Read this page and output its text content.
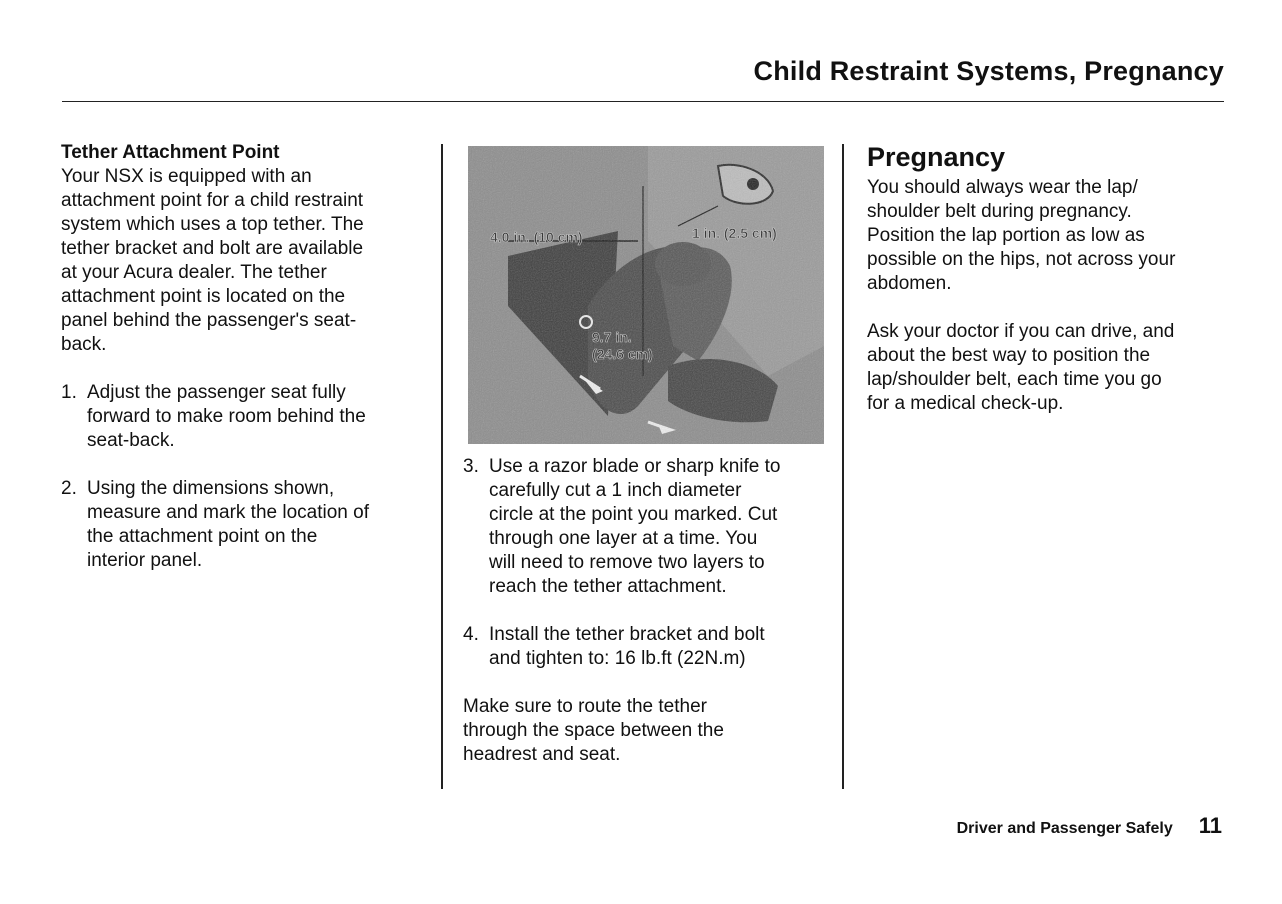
Child Restraint Systems, Pregnancy

Tether Attachment Point

Your NSX is equipped with an

attachment point for a child restraint

system which uses a top tether. The

tether bracket and bolt are available

at your Acura dealer. The tether

attachment point is located on the

panel behind the passenger's seat-

back.

1. Adjust the passenger seat fully

forward to make room behind the

seat-back.

2. Using the dimensions shown,

measure and mark the location of

the attachment point on the

interior panel.

3. Use a razor blade or sharp knife to

carefully cut a 1 inch diameter

circle at the point you marked. Cut

through one layer at a time. You

will need to remove two layers to

reach the tether attachment.

4. Install the tether bracket and bolt

and tighten to: 16 lb.ft (22N.m)

Make sure to route the tether

through the space between the

headrest and seat.

Pregnancy

You should always wear the lap/

shoulder belt during pregnancy.

Position the lap portion as low as

possible on the hips, not across your

abdomen.

Ask your doctor if you can drive, and

about the best way to position the

lap/shoulder belt, each time you go

for a medical check-up.

Driver and Passenger Safely 11
